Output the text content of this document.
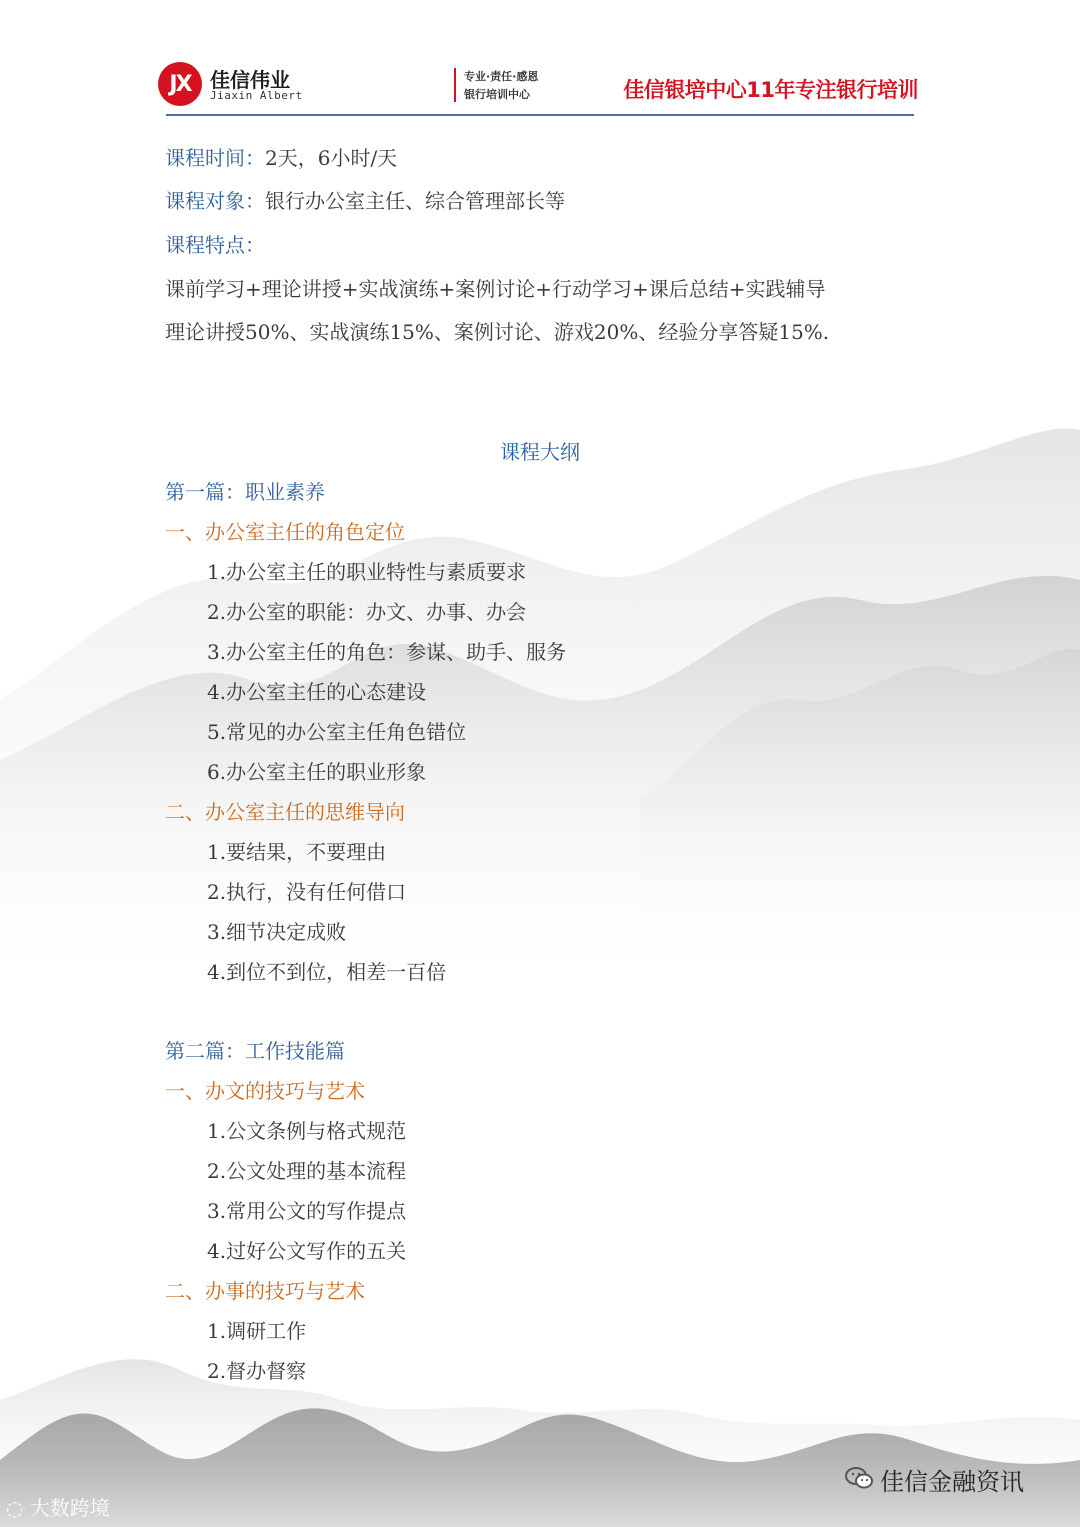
JX 佳信伟业
Jiaxin Albert
专业·责任·感恩
银行培训中心	佳信银培中心11年专注银行培训
课程时间：2天，6小时/天
课程对象：银行办公室主任、综合管理部长等
课程特点：
课前学习+理论讲授+实战演练+案例讨论+行动学习+课后总结+实践辅导
理论讲授50%、实战演练15%、案例讨论、游戏20%、经验分享答疑15%.
课程大纲
第一篇：职业素养
一、办公室主任的角色定位
1.办公室主任的职业特性与素质要求
2.办公室的职能：办文、办事、办会
3.办公室主任的角色：参谋、助手、服务
4.办公室主任的心态建设
5.常见的办公室主任角色错位
6.办公室主任的职业形象
二、办公室主任的思维导向
1.要结果，不要理由
2.执行，没有任何借口
3.细节决定成败
4.到位不到位，相差一百倍
第二篇：工作技能篇
一、办文的技巧与艺术
1.公文条例与格式规范
2.公文处理的基本流程
3.常用公文的写作提点
4.过好公文写作的五关
二、办事的技巧与艺术
1.调研工作
2.督办督察
◌ 大数跨境
佳信金融资讯
